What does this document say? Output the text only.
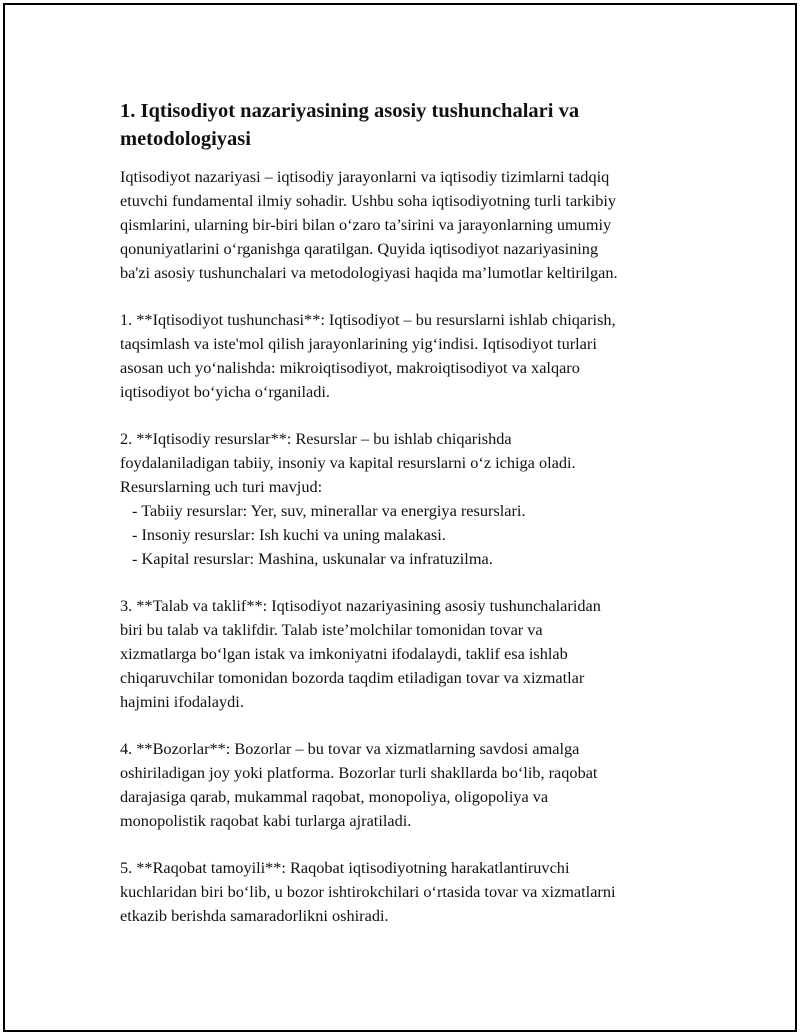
1. Iqtisodiyot nazariyasining asosiy tushunchalari va
metodologiyasi

Iqtisodiyot nazariyasi – iqtisodiy jarayonlarni va iqtisodiy tizimlarni tadqiq
etuvchi fundamental ilmiy sohadir. Ushbu soha iqtisodiyotning turli tarkibiy
qismlarini, ularning bir-biri bilan o‘zaro ta’sirini va jarayonlarning umumiy
qonuniyatlarini o‘rganishga qaratilgan. Quyida iqtisodiyot nazariyasining
ba'zi asosiy tushunchalari va metodologiyasi haqida ma’lumotlar keltirilgan.

1. **Iqtisodiyot tushunchasi**: Iqtisodiyot – bu resurslarni ishlab chiqarish,
taqsimlash va iste'mol qilish jarayonlarining yig‘indisi. Iqtisodiyot turlari
asosan uch yo‘nalishda: mikroiqtisodiyot, makroiqtisodiyot va xalqaro
iqtisodiyot bo‘yicha o‘rganiladi.

2. **Iqtisodiy resurslar**: Resurslar – bu ishlab chiqarishda
foydalaniladigan tabiiy, insoniy va kapital resurslarni o‘z ichiga oladi.
Resurslarning uch turi mavjud:
- Tabiiy resurslar: Yer, suv, minerallar va energiya resurslari.
- Insoniy resurslar: Ish kuchi va uning malakasi.
- Kapital resurslar: Mashina, uskunalar va infratuzilma.

3. **Talab va taklif**: Iqtisodiyot nazariyasining asosiy tushunchalaridan
biri bu talab va taklifdir. Talab iste’molchilar tomonidan tovar va
xizmatlarga bo‘lgan istak va imkoniyatni ifodalaydi, taklif esa ishlab
chiqaruvchilar tomonidan bozorda taqdim etiladigan tovar va xizmatlar
hajmini ifodalaydi.

4. **Bozorlar**: Bozorlar – bu tovar va xizmatlarning savdosi amalga
oshiriladigan joy yoki platforma. Bozorlar turli shakllarda bo‘lib, raqobat
darajasiga qarab, mukammal raqobat, monopoliya, oligopoliya va
monopolistik raqobat kabi turlarga ajratiladi.

5. **Raqobat tamoyili**: Raqobat iqtisodiyotning harakatlantiruvchi
kuchlaridan biri bo‘lib, u bozor ishtirokchilari o‘rtasida tovar va xizmatlarni
etkazib berishda samaradorlikni oshiradi.
